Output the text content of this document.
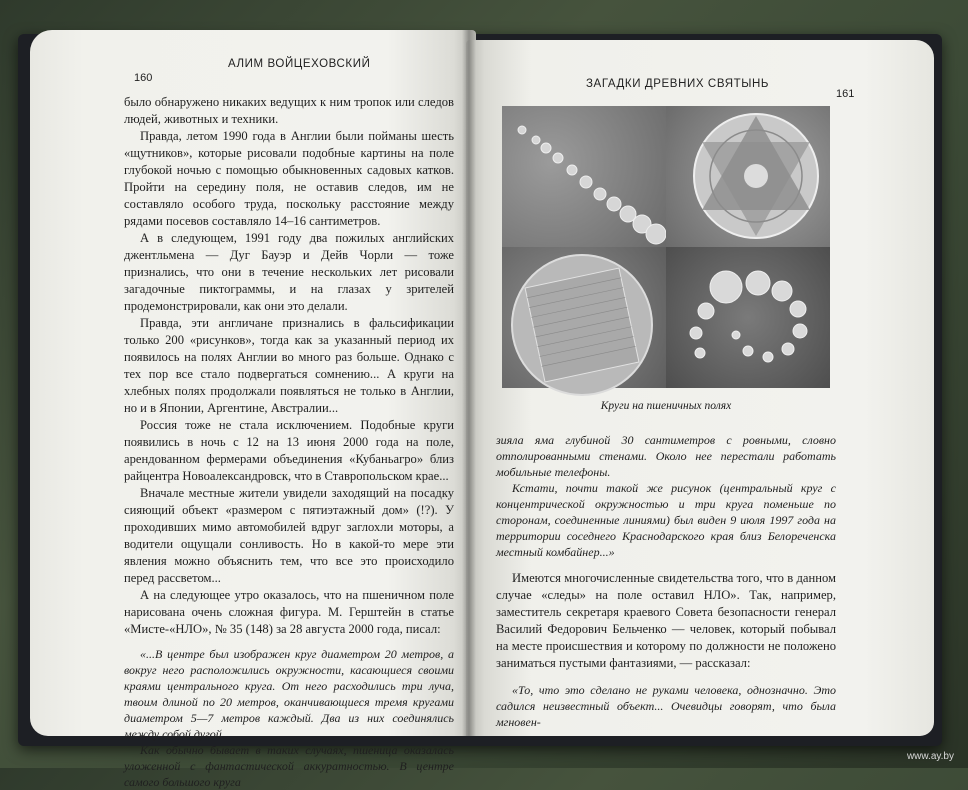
160
АЛИМ ВОЙЦЕХОВСКИЙ

было обнаружено никаких ведущих к ним тропок или следов людей, животных и техники.

Правда, летом 1990 года в Англии были пойманы шесть «щутников», которые рисовали подобные картины на поле глубокой ночью с помощью обыкновенных садовых катков. Пройти на середину поля, не оставив следов, им не составляло особого труда, поскольку расстояние между рядами посевов составляло 14–16 сантиметров.

А в следующем, 1991 году два пожилых английских джентльмена — Дуг Бауэр и Дейв Чорли — тоже признались, что они в течение нескольких лет рисовали загадочные пиктограммы, и на глазах у зрителей продемонстрировали, как они это делали.

Правда, эти англичане признались в фальсификации только 200 «рисунков», тогда как за указанный период их появилось на полях Англии во много раз больше. Однако с тех пор все стало подвергаться сомнению... А круги на хлебных полях продолжали появляться не только в Англии, но и в Японии, Аргентине, Австралии...

Россия тоже не стала исключением. Подобные круги появились в ночь с 12 на 13 июня 2000 года на поле, арендованном фермерами объединения «Кубаньагро» близ райцентра Новоалександровск, что в Ставропольском крае...

Вначале местные жители увидели заходящий на посадку сияющий объект «размером с пятиэтажный дом» (!?). У проходивших мимо автомобилей вдруг заглохли моторы, а водители ощущали сонливость. Но в какой-то мере эти явления можно объяснить тем, что все это происходило перед рассветом...

А на следующее утро оказалось, что на пшеничном поле нарисована очень сложная фигура. М. Герштейн в статье «Мисте-«НЛО», № 35 (148) за 28 августа 2000 года, писал:

«...В центре был изображен круг диаметром 20 метров, а вокруг него расположились окружности, касающиеся своими краями центрального круга. От него расходились три луча, твоим длиной по 20 метров, оканчивающиеся тремя кругами диаметром 5—7 метров каждый. Два из них соединялись между собой дугой.

Как обычно бывает в таких случаях, пшеница оказалась уложенной с фантастической аккуратностью. В центре самого большого круга

ЗАГАДКИ ДРЕВНИХ СВЯТЫНЬ
161
Круги на пшеничных полях

зияла яма глубиной 30 сантиметров с ровными, словно отполированными стенами. Около нее перестали работать мобильные телефоны.

Кстати, почти такой же рисунок (центральный круг с концентрической окружностью и три круга поменьше по сторонам, соединенные линиями) был виден 9 июля 1997 года на территории соседнего Краснодарского края близ Белореченска местный комбайнер...»

Имеются многочисленные свидетельства того, что в данном случае «следы» на поле оставил НЛО». Так, например, заместитель секретаря краевого Совета безопасности генерал Василий Федорович Бельченко — человек, который побывал на месте происшествия и которому по должности не положено заниматься пустыми фантазиями, — рассказал:

«То, что это сделано не руками человека, однозначно. Это садился неизвестный объект... Очевидцы говорят, что была мгновен-

www.ay.by
